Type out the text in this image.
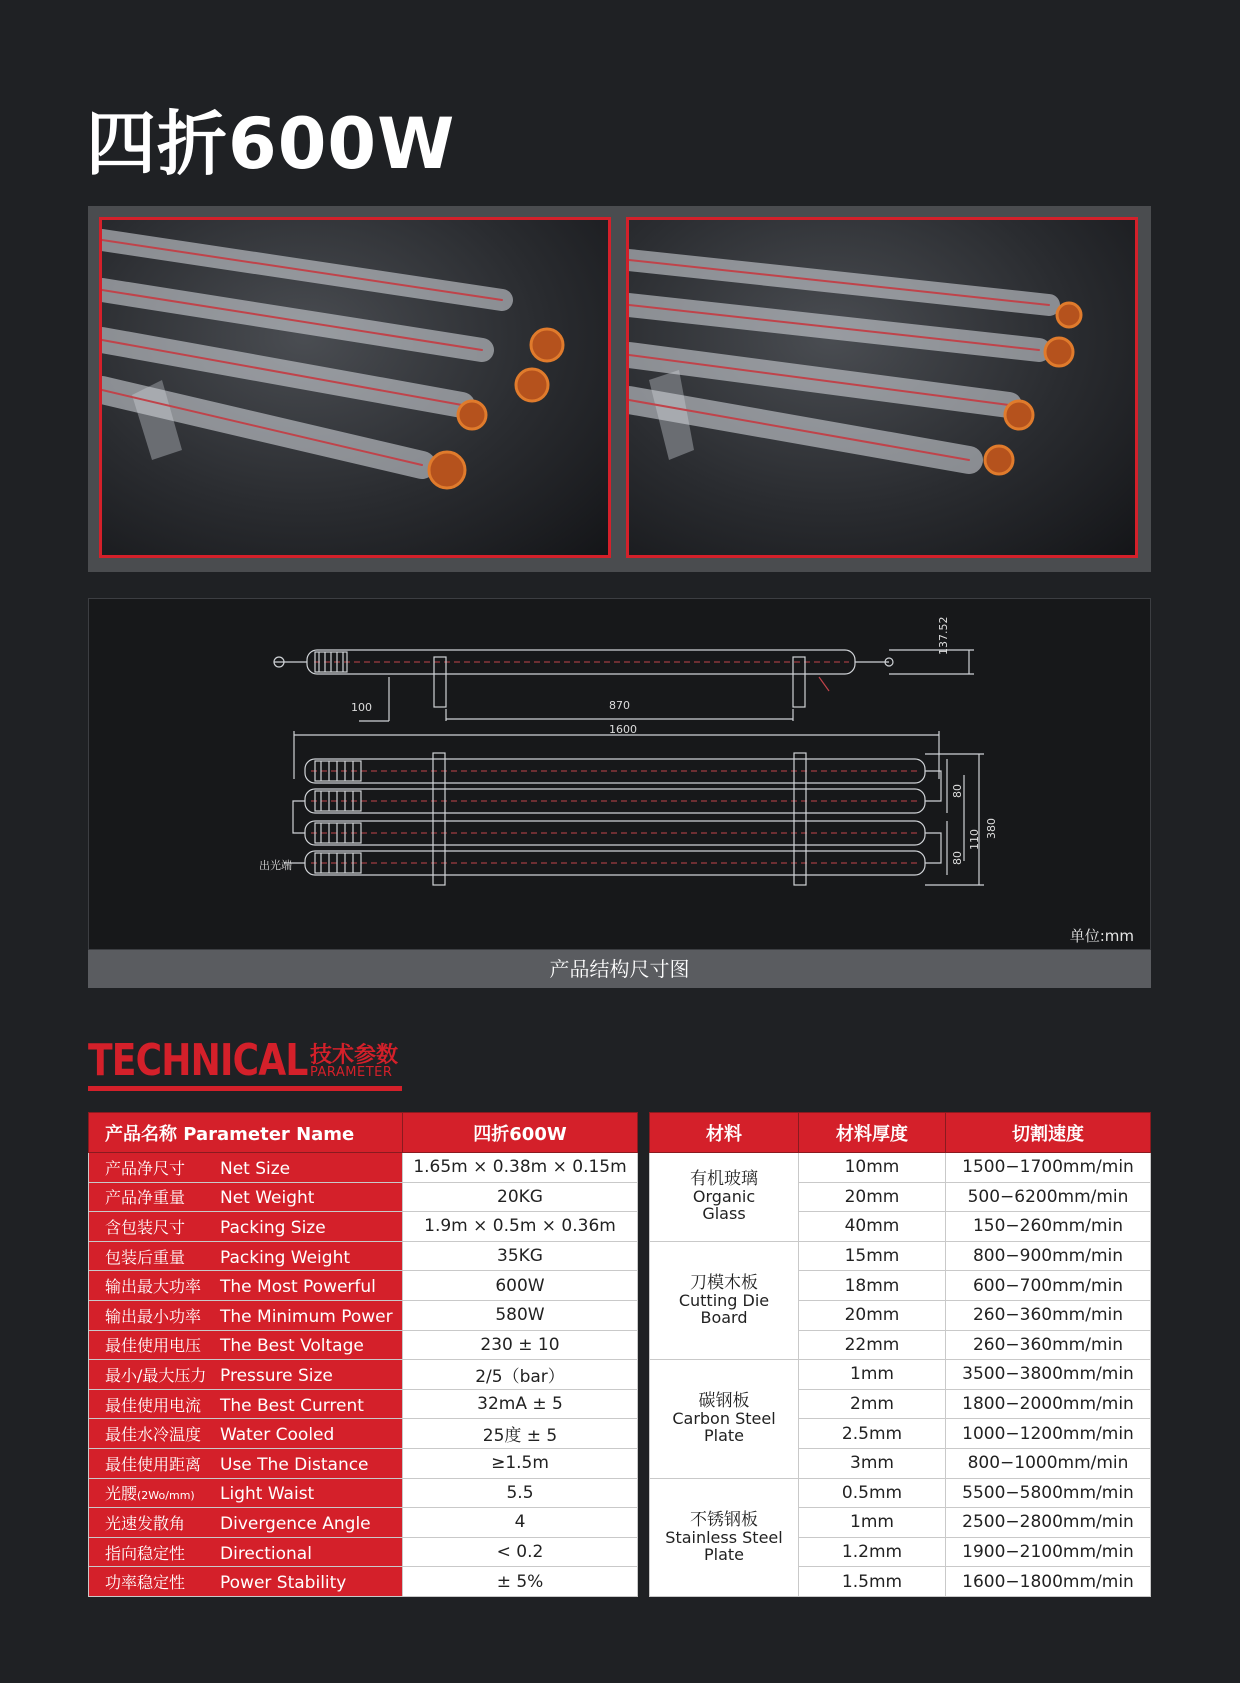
四折600W
100	870
1600
137.52
80
110
80
380
出光端
单位:mm
产品结构尺寸图
TECHNICAL 技术参数
PARAMETER
产品名称 Parameter Name	四折600W
产品净尺寸 Net Size	1.65m × 0.38m × 0.15m
产品净重量 Net Weight	20KG
含包装尺寸 Packing Size	1.9m × 0.5m × 0.36m
包装后重量 Packing Weight	35KG
输出最大功率 The Most Powerful	600W
输出最小功率 The Minimum Power	580W
最佳使用电压 The Best Voltage	230 ± 10
最小/最大压力 Pressure Size	2/5（bar）
最佳使用电流 The Best Current	32mA ± 5
最佳水冷温度 Water Cooled	25度 ± 5
最佳使用距离 Use The Distance	≥1.5m
光腰(2Wo/mm) Light Waist	5.5
光速发散角 Divergence Angle	4
指向稳定性 Directional	< 0.2
功率稳定性 Power Stability	± 5%
材料	材料厚度	切割速度

有机玻璃
Organic
Glass	10mm	1500−1700mm/min
	20mm	500−6200mm/min
	40mm	150−260mm/min

刀模木板
Cutting Die
Board	15mm	800−900mm/min
	18mm	600−700mm/min
	20mm	260−360mm/min
	22mm	260−360mm/min

碳钢板
Carbon Steel
Plate	1mm	3500−3800mm/min
	2mm	1800−2000mm/min
	2.5mm	1000−1200mm/min
	3mm	800−1000mm/min

不锈钢板
Stainless Steel
Plate	0.5mm	5500−5800mm/min
	1mm	2500−2800mm/min
	1.2mm	1900−2100mm/min
	1.5mm	1600−1800mm/min
